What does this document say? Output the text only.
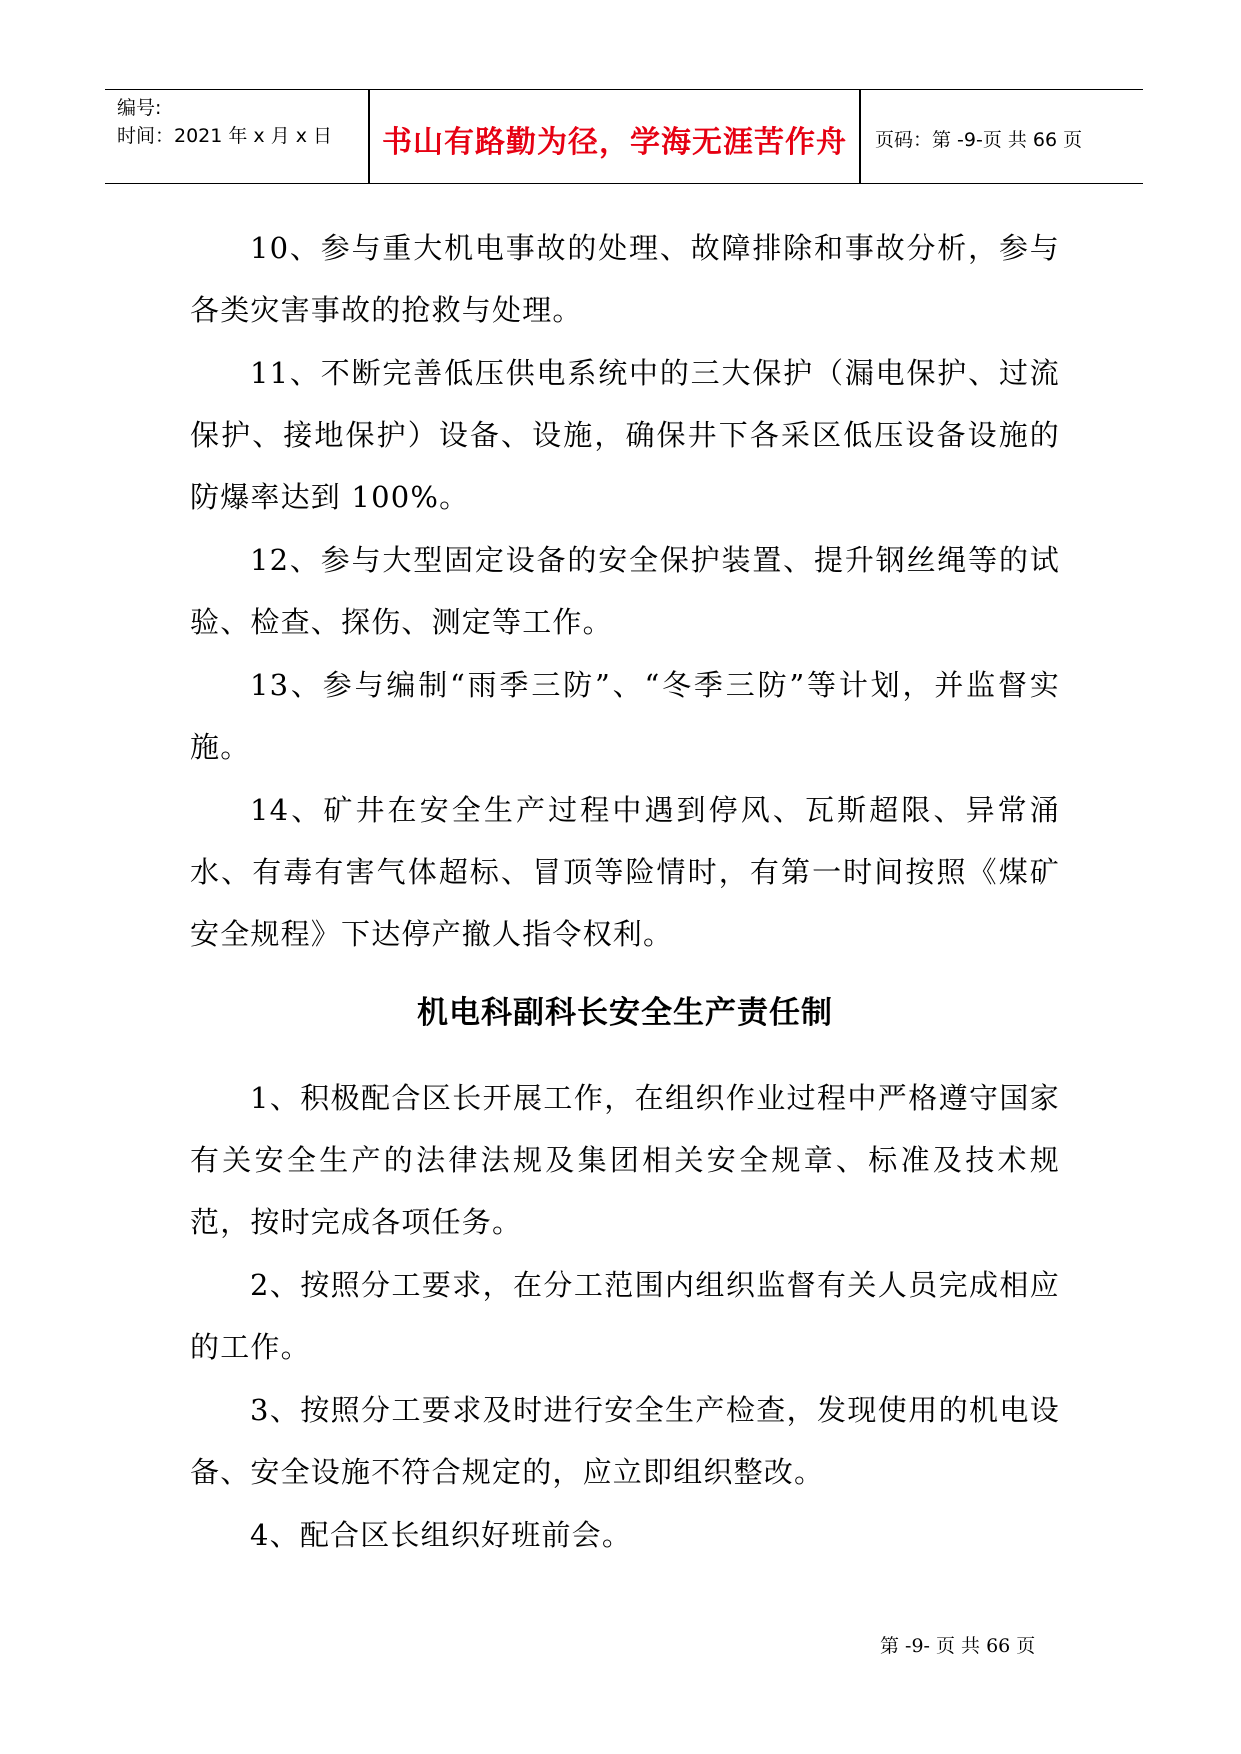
编号:
时间：2021 年 x 月 x 日	书山有路勤为径，学海无涯苦作舟	页码：第 -9-页 共 66 页

10、参与重大机电事故的处理、故障排除和事故分析，参与各类灾害事故的抢救与处理。

11、不断完善低压供电系统中的三大保护（漏电保护、过流保护、接地保护）设备、设施，确保井下各采区低压设备设施的防爆率达到 100%。

12、参与大型固定设备的安全保护装置、提升钢丝绳等的试验、检查、探伤、测定等工作。

13、参与编制“雨季三防”、“冬季三防”等计划，并监督实施。

14、矿井在安全生产过程中遇到停风、瓦斯超限、异常涌水、有毒有害气体超标、冒顶等险情时，有第一时间按照《煤矿安全规程》下达停产撤人指令权利。

机电科副科长安全生产责任制

1、积极配合区长开展工作，在组织作业过程中严格遵守国家有关安全生产的法律法规及集团相关安全规章、标准及技术规范，按时完成各项任务。

2、按照分工要求，在分工范围内组织监督有关人员完成相应的工作。

3、按照分工要求及时进行安全生产检查，发现使用的机电设备、安全设施不符合规定的，应立即组织整改。

4、配合区长组织好班前会。

第 -9- 页 共 66 页
